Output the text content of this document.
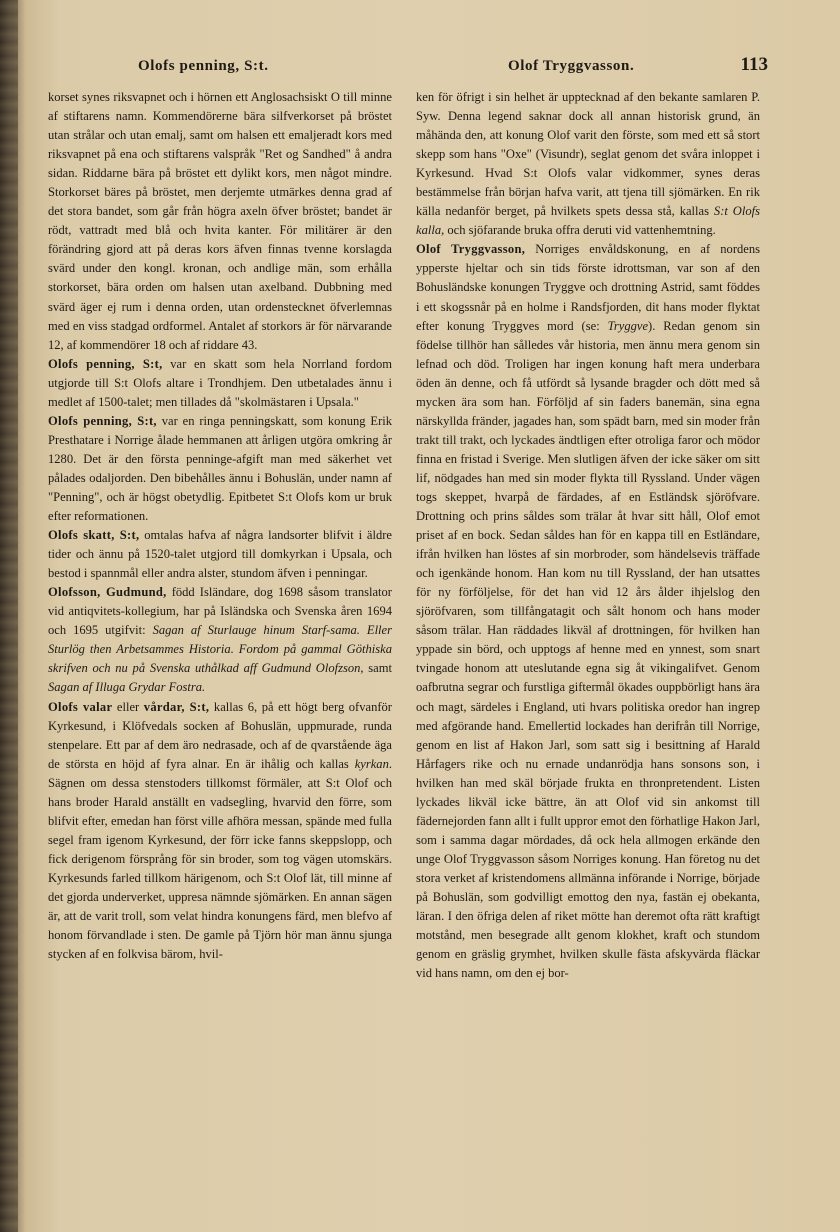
Olofs penning, S:t.	Olof Tryggvasson.	113

korset synes riksvapnet och i hörnen ett Anglosachsiskt O till minne af stiftarens namn. Kommendörerne bära silfverkorset på bröstet utan strålar och utan emalj, samt om halsen ett emaljeradt kors med riksvapnet på ena och stiftarens valspråk "Ret og Sandhed" å andra sidan. Riddarne bära på bröstet ett dylikt kors, men något mindre. Storkorset bäres på bröstet, men derjemte utmärkes denna grad af det stora bandet, som går från högra axeln öfver bröstet; bandet är rödt, vattradt med blå och hvita kanter. För militärer är den förändring gjord att på deras kors äfven finnas tvenne korslagda svärd under den kongl. kronan, och andlige män, som erhålla storkorset, bära orden om halsen utan axelband. Dubbning med svärd äger ej rum i denna orden, utan ordenstecknet öfverlemnas med en viss stadgad ordformel. Antalet af storkors är för närvarande 12, af kommendörer 18 och af riddare 43.

Olofs penning, S:t, var en skatt som hela Norrland fordom utgjorde till S:t Olofs altare i Trondhjem. Den utbetalades ännu i medlet af 1500-talet; men tillades då "skolmästaren i Upsala."

Olofs penning, S:t, var en ringa penningskatt, som konung Erik Presthatare i Norrige ålade hemmanen att årligen utgöra omkring år 1280. Det är den första penninge-afgift man med säkerhet vet pålades odaljorden. Den bibehålles ännu i Bohuslän, under namn af "Penning", och är högst obetydlig. Epitbetet S:t Olofs kom ur bruk efter reformationen.

Olofs skatt, S:t, omtalas hafva af några landsorter blifvit i äldre tider och ännu på 1520-talet utgjord till domkyrkan i Upsala, och bestod i spannmål eller andra alster, stundom äfven i penningar.

Olofsson, Gudmund, född Isländare, dog 1698 såsom translator vid antiqvitets-kollegium, har på Isländska och Svenska åren 1694 och 1695 utgifvit: Sagan af Sturlauge hinum Starf-sama. Eller Sturlög then Arbetsammes Historia. Fordom på gammal Göthiska skrifven och nu på Svenska uthålkad aff Gudmund Olofzson, samt Sagan af Illuga Grydar Fostra.

Olofs valar eller vårdar, S:t, kallas 6, på ett högt berg ofvanför Kyrkesund, i Klöfvedals socken af Bohuslän, uppmurade, runda stenpelare. Ett par af dem äro nedrasade, och af de qvarstående äga de största en höjd af fyra alnar. En är ihålig och kallas kyrkan. Sägnen om dessa stenstoders tillkomst förmäler, att S:t Olof och hans broder Harald anställt en vadsegling, hvarvid den förre, som blifvit efter, emedan han först ville afhöra messan, spände med fulla segel fram igenom Kyrkesund, der förr icke fanns skeppslopp, och fick derigenom försprång för sin broder, som tog vägen utomskärs. Kyrkesunds farled tillkom härigenom, och S:t Olof lät, till minne af det gjorda underverket, uppresa nämnde sjömärken. En annan sägen är, att de varit troll, som velat hindra konungens färd, men blefvo af honom förvandlade i sten. De gamle på Tjörn hör man ännu sjunga stycken af en folkvisa bärom, hvil-

ken för öfrigt i sin helhet är upptecknad af den bekante samlaren P. Syw. Denna legend saknar dock all annan historisk grund, än måhända den, att konung Olof varit den förste, som med ett så stort skepp som hans "Oxe" (Visundr), seglat genom det svåra inloppet i Kyrkesund. Hvad S:t Olofs valar vidkommer, synes deras bestämmelse från början hafva varit, att tjena till sjömärken. En rik källa nedanför berget, på hvilkets spets dessa stå, kallas S:t Olofs kalla, och sjöfarande bruka offra deruti vid vattenhemtning.

Olof Tryggvasson, Norriges envåldskonung, en af nordens ypperste hjeltar och sin tids förste idrottsman, var son af den Bohusländske konungen Tryggve och drottning Astrid, samt föddes i ett skogssnår på en holme i Randsfjorden, dit hans moder flyktat efter konung Tryggves mord (se: Tryggve). Redan genom sin födelse tillhör han sålledes vår historia, men ännu mera genom sin lefnad och död. Troligen har ingen konung haft mera underbara öden än denne, och få utfördt så lysande bragder och dött med så mycken ära som han. Förföljd af sin faders banemän, sina egna närskyllda fränder, jagades han, som spädt barn, med sin moder från trakt till trakt, och lyckades ändtligen efter otroliga faror och mödor finna en fristad i Sverige. Men slutligen äfven der icke säker om sitt lif, nödgades han med sin moder flykta till Ryssland. Under vägen togs skeppet, hvarpå de färdades, af en Estländsk sjöröfvare. Drottning och prins såldes som trälar åt hvar sitt håll, Olof emot priset af en bock. Sedan såldes han för en kappa till en Estländare, ifrån hvilken han löstes af sin morbroder, som händelsevis träffade och igenkände honom. Han kom nu till Ryssland, der han utsattes för ny förföljelse, för det han vid 12 års ålder ihjelslog den sjöröfvaren, som tillfångatagit och sålt honom och hans moder såsom trälar. Han räddades likväl af drottningen, för hvilken han yppade sin börd, och upptogs af henne med en ynnest, som snart tvingade honom att uteslutande egna sig åt vikingalifvet. Genom oafbrutna segrar och furstliga giftermål ökades ouppbörligt hans ära och magt, särdeles i England, uti hvars politiska oredor han ingrep med afgörande hand. Emellertid lockades han derifrån till Norrige, genom en list af Hakon Jarl, som satt sig i besittning af Harald Hårfagers rike och nu ernade undanrödja hans sonsons son, i hvilken han med skäl började frukta en thronpretendent. Listen lyckades likväl icke bättre, än att Olof vid sin ankomst till fädernejorden fann allt i fullt uppror emot den förhatlige Hakon Jarl, som i samma dagar mördades, då ock hela allmogen erkände den unge Olof Tryggvasson såsom Norriges konung. Han företog nu det stora verket af kristendomens allmänna införande i Norrige, började på Bohuslän, som godvilligt emottog den nya, fastän ej obekanta, läran. I den öfriga delen af riket mötte han deremot ofta rätt kraftigt motstånd, men besegrade allt genom klokhet, kraft och stundom genom en gräslig grymhet, hvilken skulle fästa afskyvärda fläckar vid hans namn, om den ej bor-
